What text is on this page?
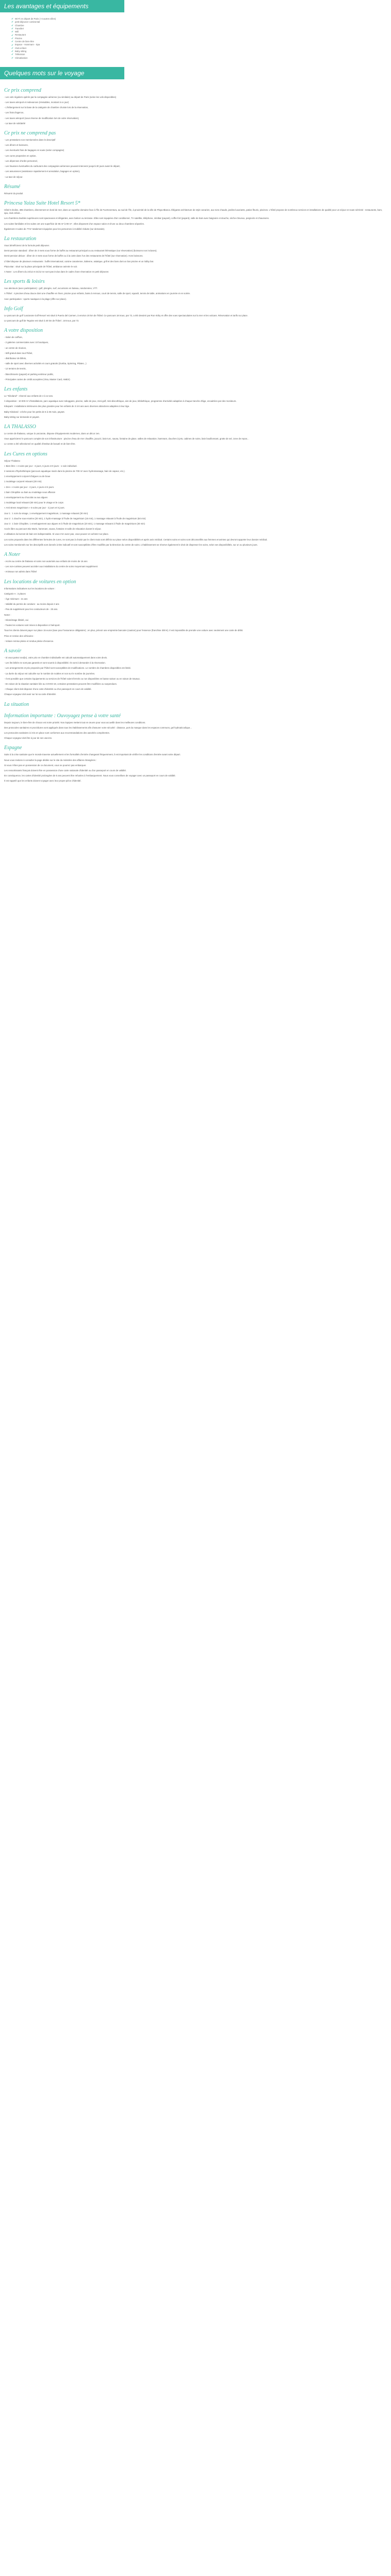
Les avantages et équipements
✔ Wi-Fi en départ de Paris (+4 autres villes)
✔ petit-déjeuner continental
✔ Chambre
✔ Transfert
✔ Wifi
✔ Restaurant
✔ Piscine
✔ Centre de bien-être
✔ Espace - Hammam - Spa
✔ Club enfant
✔ Baby sitting
✔ Télévision
✔ Climatisation
Quelques mots sur le voyage
Ce prix comprend

- Les vols réguliers opérés par la compagnie aérienne (ou similaire) au départ de Paris (selon les vols disponibles)

- Les taxes aéroport et redevances (révisables, montant à ce jour)

- L'hébergement sur la base de la catégorie de chambre choisie lors de la réservation,

- Les frais d'agence,

- Les taxes aéroport (sous réserve de modification lors de votre réservation),

- La taxe de solidarité

Ce prix ne comprend pas

- Les prestations non mentionnées dans le descriptif

- Les dîners et boissons,

- Les éventuels frais de bagages en soute (selon compagnie)

- Les cures proposées en option,

- Les dépenses d'ordre personnel,

- Les hausses éventuelles du carburant des compagnies aériennes pouvant intervenir jusqu'à 30 jours avant le départ,

- Les assurances (assistance rapatriement et annulation, bagages en option),

- La taxe de séjour.

Résumé

Résumé du produit

Princesa Yaiza Suite Hotel Resort 5*

Hôtel 5 étoiles, 385 chambres, directement en bord de mer, dans un superbe domaine face à l'île de Fuerteventura, au sud de l'île, à proximité de la ville de Playa Blanca. Élégante architecture de style canarien, aux tons chauds, jardins luxuriants, patios fleuris, piscines. L'hôtel propose de nombreux services et installations de qualité pour un séjour en toute sérénité : restaurants, bars, spa, club enfant...

Les chambres doubles supérieures sont spacieuses et élégantes, avec balcon ou terrasse. Elles sont équipées d'air conditionné, TV satellite, téléphone, minibar (payant), coffre-fort (payant), salle de bain avec baignoire et douche, sèche-cheveux, peignoirs et chaussons.

Les suites familiales et les suites ont une superficie de 55 m² à 90 m² ; elles disposent d'un espace salon et d'une ou deux chambres séparées.

Également 3 suites de 77m² totalement équipées pour les personnes à mobilité réduite (sur demande).

La restauration

Vous bénéficierez de la formule petit déjeuner.

Demi-pension standard : dîner de 3 mets sous forme de buffet au restaurant principal ou au restaurant thématique (sur réservation) (boissons non incluses).

Demi-pension deluxe : dîner de 3 mets sous forme de buffet ou à la carte dans l'un des restaurants de l'hôtel (sur réservation). Hors boissons.

L'hôtel dispose de plusieurs restaurants : buffet international, cuisine canarienne, italienne, asiatique, grill et des bars dont un bar piscine et un lobby bar.

Plaza Bar : situé sur la place principale de l'hôtel, ambiance animée le soir.

A Noter : Les dîners du 24/12 et 31/12 ne sont pas inclus dans le cadre d'une réservation en petit déjeuner.

Les sports & loisirs

Aux alentours (avec participation) : golf, plongée, surf, excursions en bateau, randonnées, VTT.

A l'hôtel : 4 piscines d'eau douce dont une chauffée en hiver, piscine pour enfants, bains à remous, court de tennis, salle de sport, squash, tennis de table, animations en journée et en soirée.

Avec participation : sports nautiques à la plage (offre sur place).

Info Golf

Le parcours de golf 'Lanzarote Golf Resort' est situé à Puerto del Carmen, à environ 20 km de l'hôtel. Ce parcours 18 trous, par 72, a été dessiné par Ron Kirby et offre des vues spectaculaires sur la mer et les volcans. Réservation et tarifs sur place.

Le parcours de golf de Tegoise est situé à 40 km de l'hôtel ; 18 trous, par 72.

A votre disposition

- Salon de coiffure,

- 2 galeries commerciales avec 10 boutiques,

- un centre de réunion,

- Wifi gratuit dans tout l'hôtel,

- distributeur de billets,

- salle de sport avec diverses activités et cours gratuits (Zumba, Spinning, Pilates...)

- 12 terrains de tennis,

- blanchisserie (payant) et parking extérieur public,

- Principales cartes de crédit acceptées (Visa, Master Card, AMEX)

Les enfants

Le "Kikoland" : réservé aux enfants de 4 à 12 ans.

À disposition : 10 000 m² d'installations, parc aquatique avec toboggans, piscine, salle de jeux, mini-golf, mini-discothèque, aire de jeux, bibliothèque, programme d'activités adaptées à chaque tranche d'âge, encadrées par des moniteurs.

Kikopark : installations intérieures des plus grandes pour les enfants de 3 à 8 ans avec diverses attractions adaptées à leur âge.

Baby Kikoland : crèche pour les petits de 6 à 35 mois, payant.

Baby-sitting sur demande et payant.

LA THALASSO

Le centre de thalasso, unique à Lanzarote, dispose d'équipements modernes, dans un décor zen.

Vous apprécierez le parcours complet de son infrastructure : piscine d'eau de mer chauffée, jacuzzi, bain turc, sauna, fontaine de glace, salles de relaxation, hammam, douches à jets, cabines de soins, bain bouillonnant, grotte de sel, zone de repos...

Le centre a été sélectionné en qualité d'institut de beauté et de bien-être.

Les Cures en options

Séjour Thalasso

« Bien-être » 4 soins par jour - 3 jours, 6 jours et 9 jours - 1 soin individuel.

2 sessions d'hydrothérapie (parcours aquatique marin dans la piscine de 700 m² avec hydromassage, bain de vapeur, etc.).

1 enveloppement corporel d'algues ou de boue

1 modelage corporel relaxant (30 min)

« Zen » 4 soins par jour - 2 jours, 4 jours et 6 jours.

1 bain Cléopâtre ou bain au modelage sous affusion

1 enveloppement au chocolat ou aux algues

1 modelage local relaxant (50 min) pour le visage et le corps

« Anti stress magnésium » 6 soins par jour - 2 jours et 5 jours.

Jour 1 : 1 soin du visage, 1 enveloppement magnésium, 1 massage relaxant (30 min)

Jour 2 : 1 douche sous-marine (20 min), 1 hydro-massage à l'huile de magnésium (15 min), 1 massage relaxant à l'huile de magnésium (50 min)

Jour 3 : 1 bain Cléopâtre, 1 enveloppement aux algues et à l'huile de magnésium (20 min), 1 massage relaxant à l'huile de magnésium (30 min)

Accès libre au parcours Bio Marin, hammam, sauna, fontaine et salle de relaxation durant le séjour.

L'utilisation du bonnet de bain est indispensable. Si vous n'en avez pas, vous pouvez en acheter sur place.

Les soins proposés dans les différentes formules de cures, ne sont pas à choisir par le client mais sont définis sur place selon disponibilités et après avis médical. Certains soins et soins sont déconseillés aux femmes enceintes qui devront apporter leur dossier médical.

Les soins mentionnés sur les descriptifs sont donnés à titre indicatif et sont susceptibles d'être modifiés par la Direction du centre de soins. L'établissement se réserve également le droit de dispenser les soins, selon ses disponibilités, sur un ou plusieurs jours.

A Noter

- Accès au centre de thalasso et soins non autorisés aux enfants de moins de 16 ans

- Les non-curistes peuvent accéder aux installations du centre de soins moyennant supplément

- Animaux non admis dans l'hôtel

Les locations de voitures en option

Informations indicatives sur les locations de voiture :

Catégorie A : 3 places

- Âge minimum : 21 ans

- Validité du permis de conduire : au moins depuis 2 ans

- Pas de supplément pour les conducteurs de - 25 ans.

Notez :

- Kilométrage illimité, oui

- Toutes les voitures sont mises à disposition à l'aéroport.

Tous les clients doivent payer sur place 15 euros (taxe pour l'assurance obligatoire) ; en plus, prévoir une empreinte bancaire (caution) pour l'essence (franchise 300 €). Il est impossible de prendre une voiture avec seulement une carte de débit.

Prise et remise des véhicules :

- Voiture remise pleine et rendue pleine d'essence.

A savoir

- Si vous partez seul(e), votre prix en chambre individuelle est calculé automatiquement dans votre devis.

- Les lits bébés ne sont pas garantis et sont soumis à disponibilité. Ils sont à demander à la réservation.

- Les arrangements et prix proposés par l'hôtel sont susceptibles de modifications. Le nombre de chambres disponibles est limité.

- La durée du séjour est calculée sur le nombre de nuitées et non sur le nombre de journées.

- Il est possible que certains équipements ou services de l'hôtel soient fermés ou non disponibles en basse saison ou en raison de travaux.

- En raison de la situation sanitaire liée au COVID-19, certaines prestations peuvent être modifiées ou suspendues.

- Chaque client doit disposer d'une carte d'identité ou d'un passeport en cours de validité.

Chaque voyageur doit avoir sur lui sa carte d'identité.

La situation
Information importante : Ouvoyagez pense à votre santé

Depuis toujours, le bien-être de chacun est notre priorité. Nos équipes mettent tout en œuvre pour vous accueillir dans les meilleures conditions.

Des protocoles sanitaires et procédures sont appliqués dans tous les établissements afin d'assurer votre sécurité : distance, port du masque dans les espaces communs, gel hydroalcoolique...

Les protocoles sanitaires ici mis en place sont conformes aux recommandations des autorités compétentes.

Chaque voyageur doit être à jour de ses vaccins.

Espagne

Suite à la crise sanitaire que le monde traverse actuellement et les formalités d'entrée changeant fréquemment, il est important de vérifier les conditions d'entrée avant votre départ.

Nous vous invitons à consulter la page dédiée sur le site du ministère des affaires étrangères :

Si vous n'êtes pas en possession de ce document, vous ne pourrez pas embarquer.

Les ressortissants français doivent être en possession d'une carte nationale d'identité ou d'un passeport en cours de validité.

En conséquence, les cartes d'identité prolongées de 5 ans peuvent être refusées à l'embarquement. Nous vous conseillons de voyager avec un passeport en cours de validité.

Il est rappelé que les enfants doivent voyager avec leur propre pièce d'identité.
